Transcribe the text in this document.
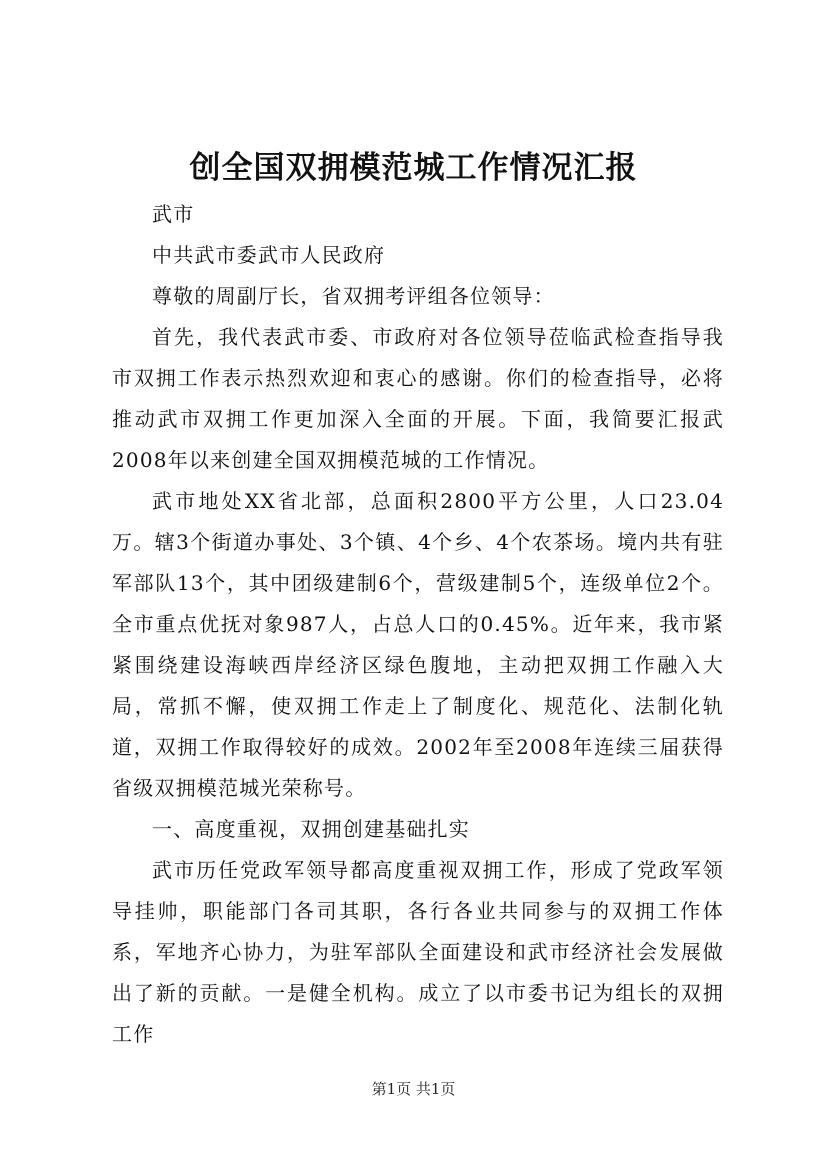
创全国双拥模范城工作情况汇报

武市

中共武市委武市人民政府

尊敬的周副厅长，省双拥考评组各位领导：

首先，我代表武市委、市政府对各位领导莅临武检查指导我市双拥工作表示热烈欢迎和衷心的感谢。你们的检查指导，必将推动武市双拥工作更加深入全面的开展。下面，我简要汇报武2008年以来创建全国双拥模范城的工作情况。

武市地处XX省北部，总面积2800平方公里，人口23.04万。辖3个街道办事处、3个镇、4个乡、4个农茶场。境内共有驻军部队13个，其中团级建制6个，营级建制5个，连级单位2个。全市重点优抚对象987人，占总人口的0.45%。近年来，我市紧紧围绕建设海峡西岸经济区绿色腹地，主动把双拥工作融入大局，常抓不懈，使双拥工作走上了制度化、规范化、法制化轨道，双拥工作取得较好的成效。2002年至2008年连续三届获得省级双拥模范城光荣称号。

一、高度重视，双拥创建基础扎实

武市历任党政军领导都高度重视双拥工作，形成了党政军领导挂帅，职能部门各司其职，各行各业共同参与的双拥工作体系，军地齐心协力，为驻军部队全面建设和武市经济社会发展做出了新的贡献。一是健全机构。成立了以市委书记为组长的双拥工作

第1页 共1页
